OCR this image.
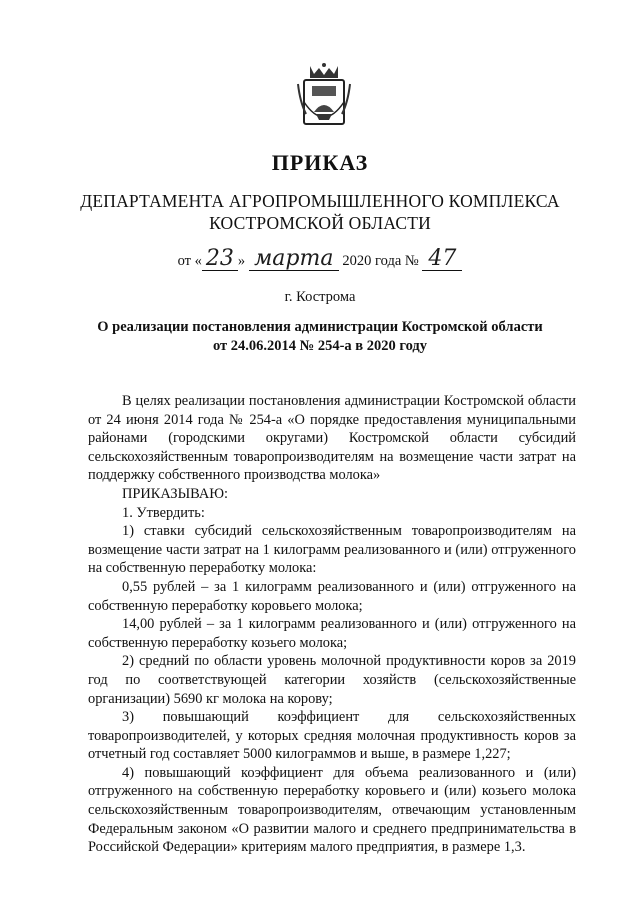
ПРИКАЗ
ДЕПАРТАМЕНТА АГРОПРОМЫШЛЕННОГО КОМПЛЕКСА
КОСТРОМСКОЙ ОБЛАСТИ
от « 23 » марта 2020 года № 47
г. Кострома
О реализации постановления администрации Костромской области
от 24.06.2014 № 254-а в 2020 году

В целях реализации постановления администрации Костромской области от 24 июня 2014 года № 254-а «О порядке предоставления муниципальными районами (городскими округами) Костромской области субсидий сельскохозяйственным товаропроизводителям на возмещение части затрат на поддержку собственного производства молока»

ПРИКАЗЫВАЮ:

1. Утвердить:

1) ставки субсидий сельскохозяйственным товаропроизводителям на возмещение части затрат на 1 килограмм реализованного и (или) отгруженного на собственную переработку молока:

0,55 рублей – за 1 килограмм реализованного и (или) отгруженного на собственную переработку коровьего молока;

14,00 рублей – за 1 килограмм реализованного и (или) отгруженного на собственную переработку козьего молока;

2) средний по области уровень молочной продуктивности коров за 2019 год по соответствующей категории хозяйств (сельскохозяйственные организации) 5690 кг молока на корову;

3) повышающий коэффициент для сельскохозяйственных товаропроизводителей, у которых средняя молочная продуктивность коров за отчетный год составляет 5000 килограммов и выше, в размере 1,227;

4) повышающий коэффициент для объема реализованного и (или) отгруженного на собственную переработку коровьего и (или) козьего молока сельскохозяйственным товаропроизводителям, отвечающим установленным Федеральным законом «О развитии малого и среднего предпринимательства в Российской Федерации» критериям малого предприятия, в размере 1,3.
